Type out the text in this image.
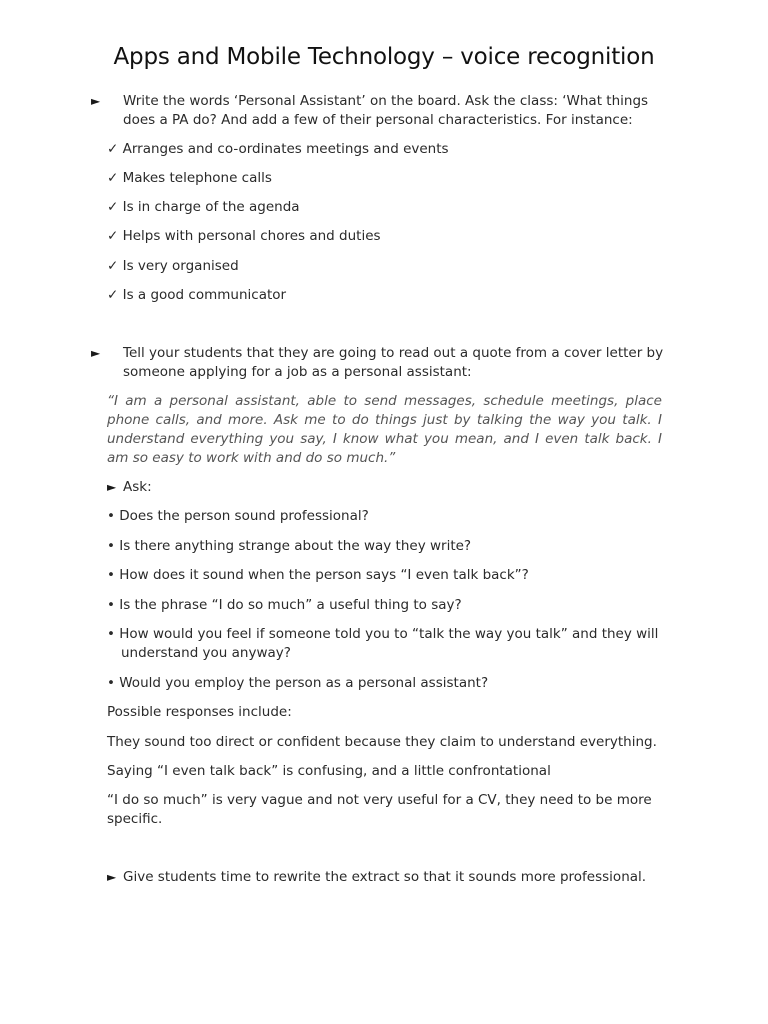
Apps and Mobile Technology – voice recognition
► Write the words ‘Personal Assistant’ on the board. Ask the class: ‘What things does a PA do? And add a few of their personal characteristics. For instance:
✓ Arranges and co-ordinates meetings and events
✓ Makes telephone calls
✓ Is in charge of the agenda
✓ Helps with personal chores and duties
✓ Is very organised
✓ Is a good communicator
► Tell your students that they are going to read out a quote from a cover letter by someone applying for a job as a personal assistant:
“I am a personal assistant, able to send messages, schedule meetings, place phone calls, and more. Ask me to do things just by talking the way you talk. I understand everything you say, I know what you mean, and I even talk back. I am so easy to work with and do so much.”
► Ask:
• Does the person sound professional?
• Is there anything strange about the way they write?
• How does it sound when the person says “I even talk back”?
• Is the phrase “I do so much” a useful thing to say?
• How would you feel if someone told you to “talk the way you talk” and they will understand you anyway?
• Would you employ the person as a personal assistant?
Possible responses include:
They sound too direct or confident because they claim to understand everything.
Saying “I even talk back” is confusing, and a little confrontational
“I do so much” is very vague and not very useful for a CV, they need to be more specific.
► Give students time to rewrite the extract so that it sounds more professional.
